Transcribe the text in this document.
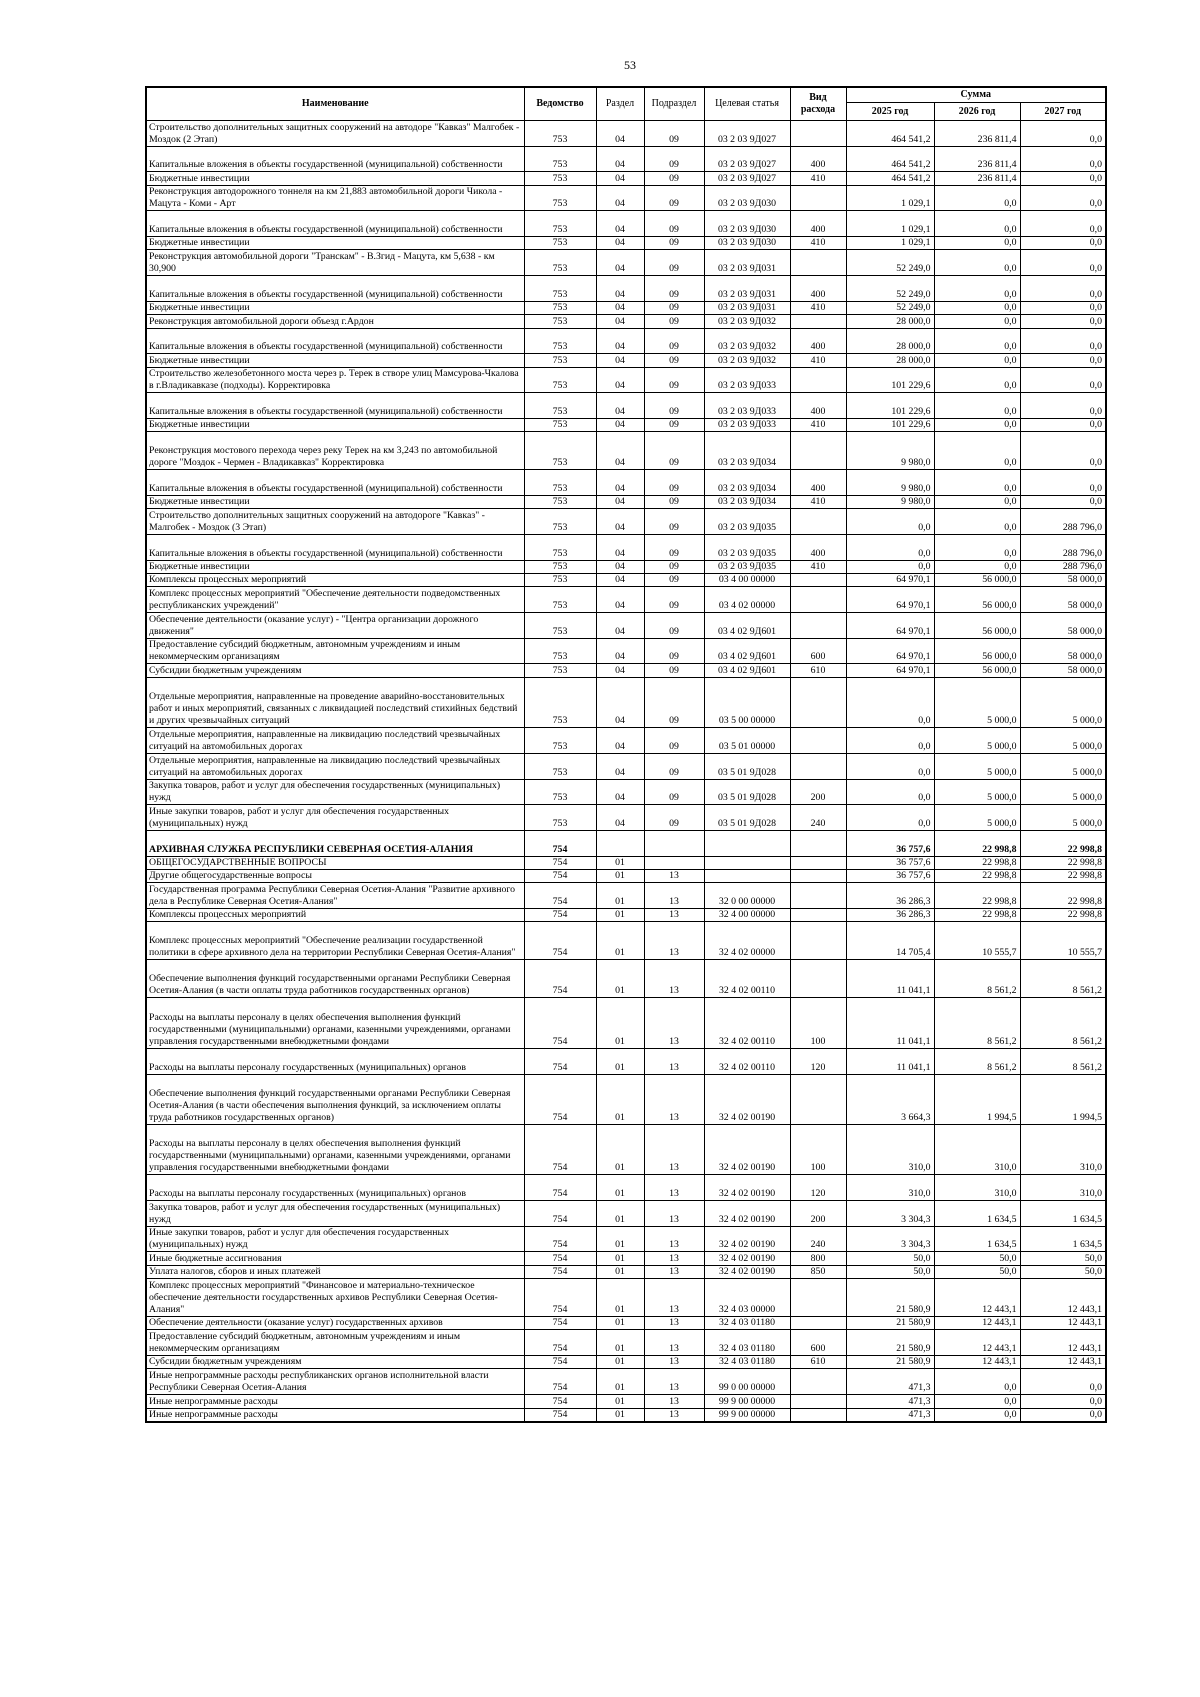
53
Наименование	Ведомство	Раздел	Подраздел	Целевая статья	Вид расхода	Сумма		
						2025 год	2026 год	2027 год
Строительство дополнительных защитных сооружений на автодоре "Кавказ" Малгобек - Моздок (2 Этап)	753	04	09	03 2 03 9Д027		464 541,2	236 811,4	0,0
Капитальные вложения в объекты государственной (муниципальной) собственности	753	04	09	03 2 03 9Д027	400	464 541,2	236 811,4	0,0
Бюджетные инвестиции	753	04	09	03 2 03 9Д027	410	464 541,2	236 811,4	0,0
Реконструкция автодорожного тоннеля на км 21,883 автомобильной дороги Чикола - Мацута - Коми - Арт	753	04	09	03 2 03 9Д030		1 029,1	0,0	0,0
Капитальные вложения в объекты государственной (муниципальной) собственности	753	04	09	03 2 03 9Д030	400	1 029,1	0,0	0,0
Бюджетные инвестиции	753	04	09	03 2 03 9Д030	410	1 029,1	0,0	0,0
Реконструкция автомобильной дороги "Транскам" - В.Згид - Мацута, км 5,638 - км 30,900	753	04	09	03 2 03 9Д031		52 249,0	0,0	0,0
Капитальные вложения в объекты государственной (муниципальной) собственности	753	04	09	03 2 03 9Д031	400	52 249,0	0,0	0,0
Бюджетные инвестиции	753	04	09	03 2 03 9Д031	410	52 249,0	0,0	0,0
Реконструкция автомобильной дороги объезд г.Ардон	753	04	09	03 2 03 9Д032		28 000,0	0,0	0,0
Капитальные вложения в объекты государственной (муниципальной) собственности	753	04	09	03 2 03 9Д032	400	28 000,0	0,0	0,0
Бюджетные инвестиции	753	04	09	03 2 03 9Д032	410	28 000,0	0,0	0,0
Строительство железобетонного моста через р. Терек в створе улиц Мамсурова-Чкалова в г.Владикавказе (подходы). Корректировка	753	04	09	03 2 03 9Д033		101 229,6	0,0	0,0
Капитальные вложения в объекты государственной (муниципальной) собственности	753	04	09	03 2 03 9Д033	400	101 229,6	0,0	0,0
Бюджетные инвестиции	753	04	09	03 2 03 9Д033	410	101 229,6	0,0	0,0
Реконструкция мостового перехода через реку Терек на км 3,243 по автомобильной дороге "Моздок - Чермен - Владикавказ" Корректировка	753	04	09	03 2 03 9Д034		9 980,0	0,0	0,0
Капитальные вложения в объекты государственной (муниципальной) собственности	753	04	09	03 2 03 9Д034	400	9 980,0	0,0	0,0
Бюджетные инвестиции	753	04	09	03 2 03 9Д034	410	9 980,0	0,0	0,0
Строительство дополнительных защитных сооружений на автодороге "Кавказ" - Малгобек - Моздок (3 Этап)	753	04	09	03 2 03 9Д035		0,0	0,0	288 796,0
Капитальные вложения в объекты государственной (муниципальной) собственности	753	04	09	03 2 03 9Д035	400	0,0	0,0	288 796,0
Бюджетные инвестиции	753	04	09	03 2 03 9Д035	410	0,0	0,0	288 796,0
Комплексы процессных мероприятий	753	04	09	03 4 00 00000		64 970,1	56 000,0	58 000,0
Комплекс процессных мероприятий "Обеспечение деятельности подведомственных республиканских учреждений"	753	04	09	03 4 02 00000		64 970,1	56 000,0	58 000,0
Обеспечение деятельности (оказание услуг) - "Центра организации дорожного движения"	753	04	09	03 4 02 9Д601		64 970,1	56 000,0	58 000,0
Предоставление субсидий бюджетным, автономным учреждениям и иным некоммерческим организациям	753	04	09	03 4 02 9Д601	600	64 970,1	56 000,0	58 000,0
Субсидии бюджетным учреждениям	753	04	09	03 4 02 9Д601	610	64 970,1	56 000,0	58 000,0
Отдельные мероприятия, направленные на проведение аварийно-восстановительных работ и иных мероприятий, связанных с ликвидацией последствий стихийных бедствий и других чрезвычайных ситуаций	753	04	09	03 5 00 00000		0,0	5 000,0	5 000,0
Отдельные мероприятия, направленные на ликвидацию последствий чрезвычайных ситуаций на автомобильных дорогах	753	04	09	03 5 01 00000		0,0	5 000,0	5 000,0
Отдельные мероприятия, направленные на ликвидацию последствий чрезвычайных ситуаций на автомобильных дорогах	753	04	09	03 5 01 9Д028		0,0	5 000,0	5 000,0
Закупка товаров, работ и услуг для обеспечения государственных (муниципальных) нужд	753	04	09	03 5 01 9Д028	200	0,0	5 000,0	5 000,0
Иные закупки товаров, работ и услуг для обеспечения государственных (муниципальных) нужд	753	04	09	03 5 01 9Д028	240	0,0	5 000,0	5 000,0
АРХИВНАЯ СЛУЖБА РЕСПУБЛИКИ СЕВЕРНАЯ ОСЕТИЯ-АЛАНИЯ	754					36 757,6	22 998,8	22 998,8
ОБЩЕГОСУДАРСТВЕННЫЕ ВОПРОСЫ	754	01				36 757,6	22 998,8	22 998,8
Другие общегосударственные вопросы	754	01	13			36 757,6	22 998,8	22 998,8
Государственная программа Республики Северная Осетия-Алания "Развитие архивного дела в Республике Северная Осетия-Алания"	754	01	13	32 0 00 00000		36 286,3	22 998,8	22 998,8
Комплексы процессных мероприятий	754	01	13	32 4 00 00000		36 286,3	22 998,8	22 998,8
Комплекс процессных мероприятий "Обеспечение реализации государственной политики в сфере архивного дела на территории Республики Северная Осетия-Алания"	754	01	13	32 4 02 00000		14 705,4	10 555,7	10 555,7
Обеспечение выполнения функций государственными органами Республики Северная Осетия-Алания (в части оплаты труда работников государственных органов)	754	01	13	32 4 02 00110		11 041,1	8 561,2	8 561,2
Расходы на выплаты персоналу в целях обеспечения выполнения функций государственными (муниципальными) органами, казенными учреждениями, органами управления государственными внебюджетными фондами	754	01	13	32 4 02 00110	100	11 041,1	8 561,2	8 561,2
Расходы на выплаты персоналу государственных (муниципальных) органов	754	01	13	32 4 02 00110	120	11 041,1	8 561,2	8 561,2
Обеспечение выполнения функций государственными органами Республики Северная Осетия-Алания (в части обеспечения выполнения функций, за исключением оплаты труда работников государственных органов)	754	01	13	32 4 02 00190		3 664,3	1 994,5	1 994,5
Расходы на выплаты персоналу в целях обеспечения выполнения функций государственными (муниципальными) органами, казенными учреждениями, органами управления государственными внебюджетными фондами	754	01	13	32 4 02 00190	100	310,0	310,0	310,0
Расходы на выплаты персоналу государственных (муниципальных) органов	754	01	13	32 4 02 00190	120	310,0	310,0	310,0
Закупка товаров, работ и услуг для обеспечения государственных (муниципальных) нужд	754	01	13	32 4 02 00190	200	3 304,3	1 634,5	1 634,5
Иные закупки товаров, работ и услуг для обеспечения государственных (муниципальных) нужд	754	01	13	32 4 02 00190	240	3 304,3	1 634,5	1 634,5
Иные бюджетные ассигнования	754	01	13	32 4 02 00190	800	50,0	50,0	50,0
Уплата налогов, сборов и иных платежей	754	01	13	32 4 02 00190	850	50,0	50,0	50,0
Комплекс процессных мероприятий "Финансовое и материально-техническое обеспечение деятельности государственных архивов Республики Северная Осетия-Алания"	754	01	13	32 4 03 00000		21 580,9	12 443,1	12 443,1
Обеспечение деятельности (оказание услуг) государственных архивов	754	01	13	32 4 03 01180		21 580,9	12 443,1	12 443,1
Предоставление субсидий бюджетным, автономным учреждениям и иным некоммерческим организациям	754	01	13	32 4 03 01180	600	21 580,9	12 443,1	12 443,1
Субсидии бюджетным учреждениям	754	01	13	32 4 03 01180	610	21 580,9	12 443,1	12 443,1
Иные непрограммные расходы республиканских органов исполнительной власти Республики Северная Осетия-Алания	754	01	13	99 0 00 00000		471,3	0,0	0,0
Иные непрограммные расходы	754	01	13	99 9 00 00000		471,3	0,0	0,0
Иные непрограммные расходы	754	01	13	99 9 00 00000		471,3	0,0	0,0
